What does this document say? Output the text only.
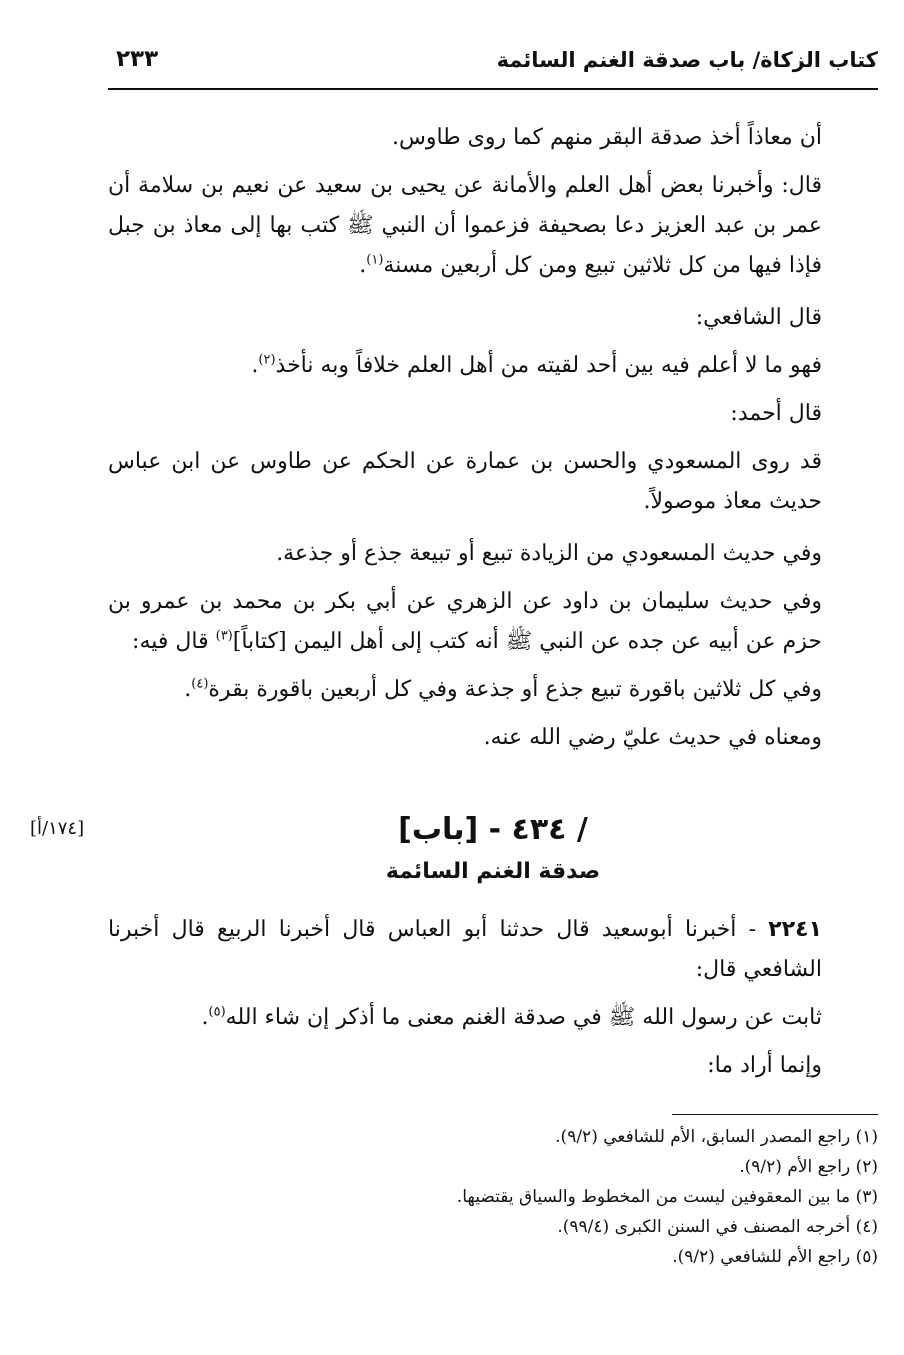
كتاب الزكاة/ باب صدقة الغنم السائمة
٢٣٣

أن معاذاً أخذ صدقة البقر منهم كما روى طاوس.

قال: وأخبرنا بعض أهل العلم والأمانة عن يحيى بن سعيد عن نعيم بن سلامة أن عمر بن عبد العزيز دعا بصحيفة فزعموا أن النبي ﷺ كتب بها إلى معاذ بن جبل فإذا فيها من كل ثلاثين تبيع ومن كل أربعين مسنة$^{(١)}$.

قال الشافعي:

فهو ما لا أعلم فيه بين أحد لقيته من أهل العلم خلافاً وبه نأخذ$^{(٢)}$.

قال أحمد:

قد روى المسعودي والحسن بن عمارة عن الحكم عن طاوس عن ابن عباس حديث معاذ موصولاً.

وفي حديث المسعودي من الزيادة تبيع أو تبيعة جذع أو جذعة.

وفي حديث سليمان بن داود عن الزهري عن أبي بكر بن محمد بن عمرو بن حزم عن أبيه عن جده عن النبي ﷺ أنه كتب إلى أهل اليمن [كتاباً]$^{(٣)}$ قال فيه:

وفي كل ثلاثين باقورة تبيع جذع أو جذعة وفي كل أربعين باقورة بقرة$^{(٤)}$.

ومعناه في حديث عليّ رضي الله عنه.

[١٧٤/أ]	/ ٤٣٤ - [باب]
صدقة الغنم السائمة

٢٢٤١ - أخبرنا أبوسعيد قال حدثنا أبو العباس قال أخبرنا الربيع قال أخبرنا الشافعي قال:

ثابت عن رسول الله ﷺ في صدقة الغنم معنى ما أذكر إن شاء الله$^{(٥)}$.

وإنما أراد ما:

(١) راجع المصدر السابق، الأم للشافعي (٩/٢).

(٢) راجع الأم (٩/٢).

(٣) ما بين المعقوفين ليست من المخطوط والسياق يقتضيها.

(٤) أخرجه المصنف في السنن الكبرى (٩٩/٤).

(٥) راجع الأم للشافعي (٩/٢).
